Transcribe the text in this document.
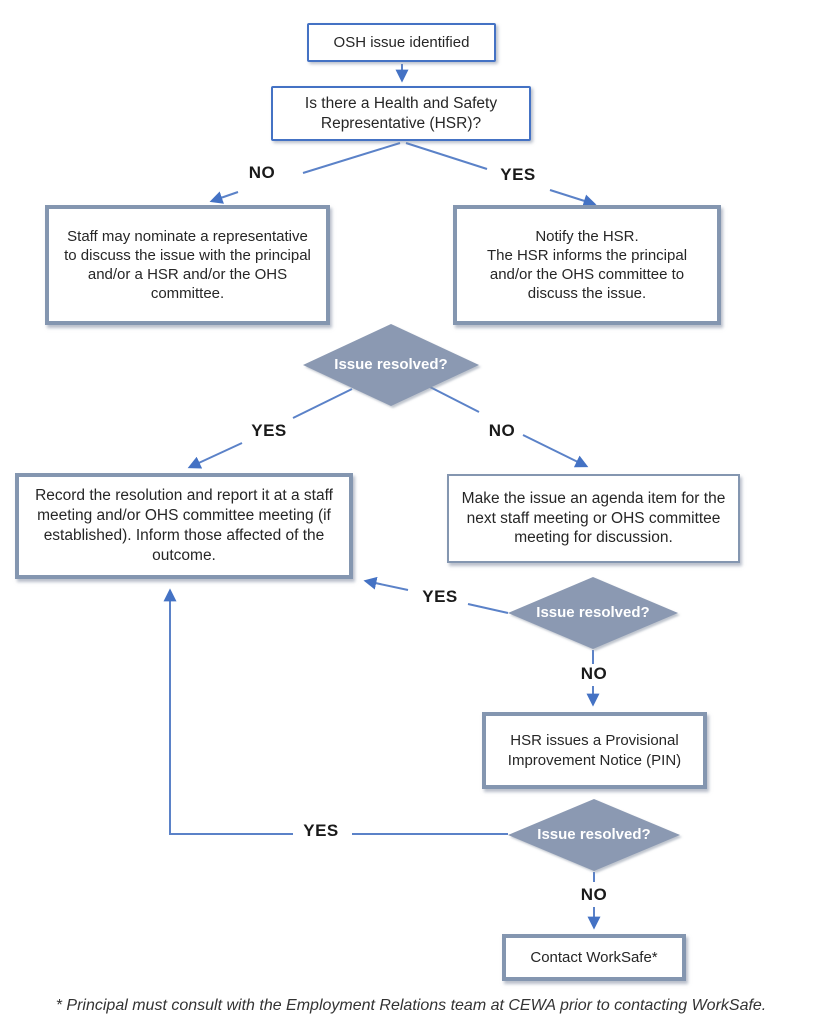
OSH issue identified
Is there a Health and Safety Representative (HSR)?
Staff may nominate a representative to discuss the issue with the principal and/or a HSR and/or the OHS committee.
Notify the HSR.
The HSR informs the principal and/or the OHS committee to discuss the issue.
Record the resolution and report it at a staff meeting and/or OHS committee meeting (if established). Inform those affected of the outcome.
Make the issue an agenda item for the next staff meeting or OHS committee meeting for discussion.
HSR issues a Provisional Improvement Notice (PIN)
Contact WorkSafe*
Issue resolved?
Issue resolved?
Issue resolved?
NO	YES
YES	NO
YES
NO
YES
NO
* Principal must consult with the Employment Relations team at CEWA prior to contacting WorkSafe.
